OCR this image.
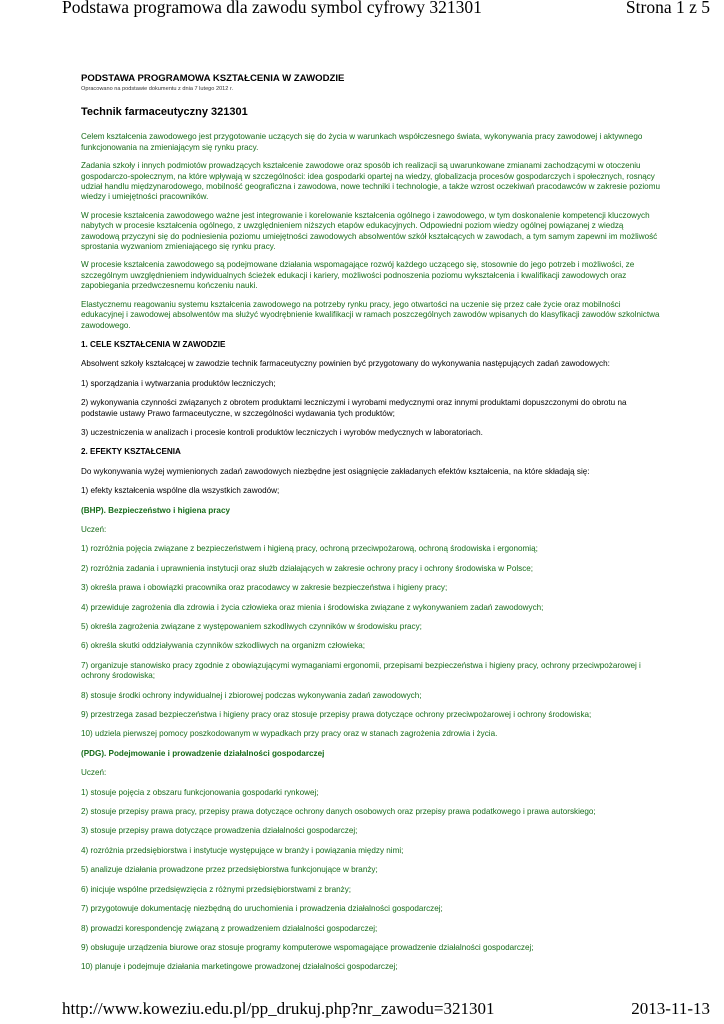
Podstawa programowa dla zawodu symbol cyfrowy 321301	Strona 1 z 5

PODSTAWA PROGRAMOWA KSZTAŁCENIA W ZAWODZIE

Opracowano na podstawie dokumentu z dnia 7 lutego 2012 r.

Technik farmaceutyczny 321301

Celem kształcenia zawodowego jest przygotowanie uczących się do życia w warunkach współczesnego świata, wykonywania pracy zawodowej i aktywnego funkcjonowania na zmieniającym się rynku pracy.

Zadania szkoły i innych podmiotów prowadzących kształcenie zawodowe oraz sposób ich realizacji są uwarunkowane zmianami zachodzącymi w otoczeniu gospodarczo-społecznym, na które wpływają w szczególności: idea gospodarki opartej na wiedzy, globalizacja procesów gospodarczych i społecznych, rosnący udział handlu międzynarodowego, mobilność geograficzna i zawodowa, nowe techniki i technologie, a także wzrost oczekiwań pracodawców w zakresie poziomu wiedzy i umiejętności pracowników.

W procesie kształcenia zawodowego ważne jest integrowanie i korelowanie kształcenia ogólnego i zawodowego, w tym doskonalenie kompetencji kluczowych nabytych w procesie kształcenia ogólnego, z uwzględnieniem niższych etapów edukacyjnych. Odpowiedni poziom wiedzy ogólnej powiązanej z wiedzą zawodową przyczyni się do podniesienia poziomu umiejętności zawodowych absolwentów szkół kształcących w zawodach, a tym samym zapewni im możliwość sprostania wyzwaniom zmieniającego się rynku pracy.

W procesie kształcenia zawodowego są podejmowane działania wspomagające rozwój każdego uczącego się, stosownie do jego potrzeb i możliwości, ze szczególnym uwzględnieniem indywidualnych ścieżek edukacji i kariery, możliwości podnoszenia poziomu wykształcenia i kwalifikacji zawodowych oraz zapobiegania przedwczesnemu kończeniu nauki.

Elastycznemu reagowaniu systemu kształcenia zawodowego na potrzeby rynku pracy, jego otwartości na uczenie się przez całe życie oraz mobilności edukacyjnej i zawodowej absolwentów ma służyć wyodrębnienie kwalifikacji w ramach poszczególnych zawodów wpisanych do klasyfikacji zawodów szkolnictwa zawodowego.

1. CELE KSZTAŁCENIA W ZAWODZIE

Absolwent szkoły kształcącej w zawodzie technik farmaceutyczny powinien być przygotowany do wykonywania następujących zadań zawodowych:

1) sporządzania i wytwarzania produktów leczniczych;

2) wykonywania czynności związanych z obrotem produktami leczniczymi i wyrobami medycznymi oraz innymi produktami dopuszczonymi do obrotu na podstawie ustawy Prawo farmaceutyczne, w szczególności wydawania tych produktów;

3) uczestniczenia w analizach i procesie kontroli produktów leczniczych i wyrobów medycznych w laboratoriach.

2. EFEKTY KSZTAŁCENIA

Do wykonywania wyżej wymienionych zadań zawodowych niezbędne jest osiągnięcie zakładanych efektów kształcenia, na które składają się:

1) efekty kształcenia wspólne dla wszystkich zawodów;

(BHP). Bezpieczeństwo i higiena pracy

Uczeń:

1) rozróżnia pojęcia związane z bezpieczeństwem i higieną pracy, ochroną przeciwpożarową, ochroną środowiska i ergonomią;

2) rozróżnia zadania i uprawnienia instytucji oraz służb działających w zakresie ochrony pracy i ochrony środowiska w Polsce;

3) określa prawa i obowiązki pracownika oraz pracodawcy w zakresie bezpieczeństwa i higieny pracy;

4) przewiduje zagrożenia dla zdrowia i życia człowieka oraz mienia i środowiska związane z wykonywaniem zadań zawodowych;

5) określa zagrożenia związane z występowaniem szkodliwych czynników w środowisku pracy;

6) określa skutki oddziaływania czynników szkodliwych na organizm człowieka;

7) organizuje stanowisko pracy zgodnie z obowiązującymi wymaganiami ergonomii, przepisami bezpieczeństwa i higieny pracy, ochrony przeciwpożarowej i ochrony środowiska;

8) stosuje środki ochrony indywidualnej i zbiorowej podczas wykonywania zadań zawodowych;

9) przestrzega zasad bezpieczeństwa i higieny pracy oraz stosuje przepisy prawa dotyczące ochrony przeciwpożarowej i ochrony środowiska;

10) udziela pierwszej pomocy poszkodowanym w wypadkach przy pracy oraz w stanach zagrożenia zdrowia i życia.

(PDG). Podejmowanie i prowadzenie działalności gospodarczej

Uczeń:

1) stosuje pojęcia z obszaru funkcjonowania gospodarki rynkowej;

2) stosuje przepisy prawa pracy, przepisy prawa dotyczące ochrony danych osobowych oraz przepisy prawa podatkowego i prawa autorskiego;

3) stosuje przepisy prawa dotyczące prowadzenia działalności gospodarczej;

4) rozróżnia przedsiębiorstwa i instytucje występujące w branży i powiązania między nimi;

5) analizuje działania prowadzone przez przedsiębiorstwa funkcjonujące w branży;

6) inicjuje wspólne przedsięwzięcia z różnymi przedsiębiorstwami z branży;

7) przygotowuje dokumentację niezbędną do uruchomienia i prowadzenia działalności gospodarczej;

8) prowadzi korespondencję związaną z prowadzeniem działalności gospodarczej;

9) obsługuje urządzenia biurowe oraz stosuje programy komputerowe wspomagające prowadzenie działalności gospodarczej;

10) planuje i podejmuje działania marketingowe prowadzonej działalności gospodarczej;

http://www.koweziu.edu.pl/pp_drukuj.php?nr_zawodu=321301	2013-11-13
